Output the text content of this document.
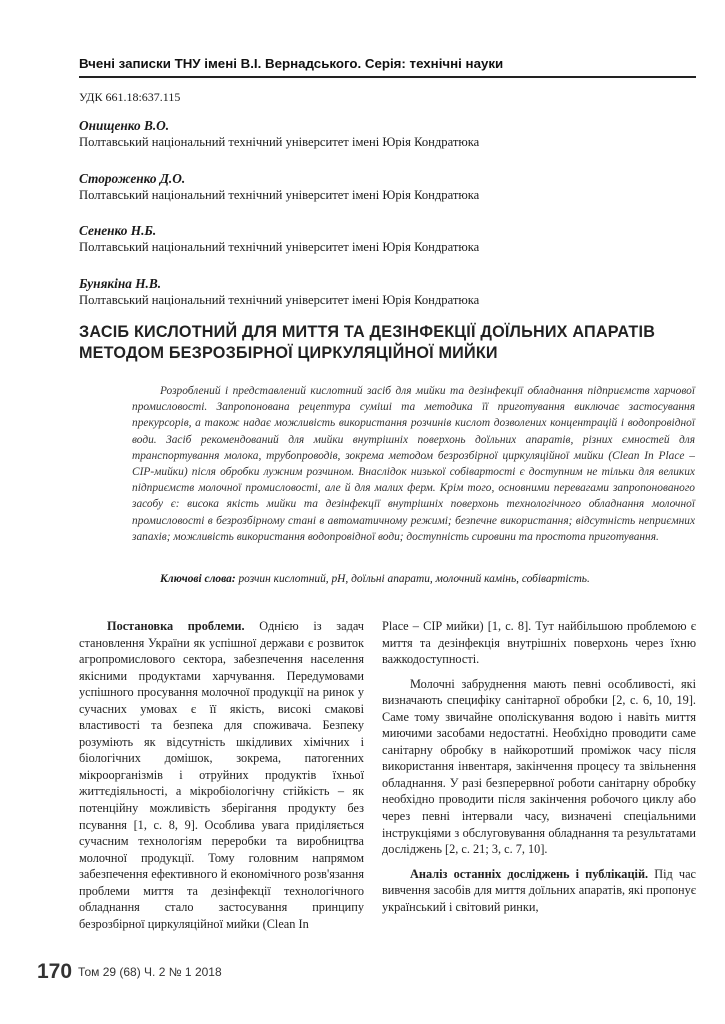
Вчені записки ТНУ імені В.І. Вернадського. Серія: технічні науки
УДК 661.18:637.115
Онищенко В.О.
Полтавський національний технічний університет імені Юрія Кондратюка
Стороженко Д.О.
Полтавський національний технічний університет імені Юрія Кондратюка
Сененко Н.Б.
Полтавський національний технічний університет імені Юрія Кондратюка
Бунякіна Н.В.
Полтавський національний технічний університет імені Юрія Кондратюка
ЗАСІБ КИСЛОТНИЙ ДЛЯ МИТТЯ ТА ДЕЗІНФЕКЦІЇ ДОЇЛЬНИХ АПАРАТІВ МЕТОДОМ БЕЗРОЗБІРНОЇ ЦИРКУЛЯЦІЙНОЇ МИЙКИ

Розроблений і представлений кислотний засіб для мийки та дезінфекції обладнання підприємств харчової промисловості. Запропонована рецептура суміші та методика її приготування виключає застосування прекурсорів, а також надає можливість використання розчинів кислот дозволених концентрацій і водопровідної води. Засіб рекомендований для мийки внутрішніх поверхонь доїльних апаратів, різних ємностей для транспортування молока, трубопроводів, зокрема методом безрозбірної циркуляційної мийки (Clean In Place – CIP-мийки) після обробки лужним розчином. Внаслідок низької собівартості є доступним не тільки для великих підприємств молочної промисловості, але й для малих ферм. Крім того, основними перевагами запропонованого засобу є: висока якість мийки та дезінфекції внутрішніх поверхонь технологічного обладнання молочної промисловості в безрозбірному стані в автоматичному режимі; безпечне використання; відсутність неприємних запахів; можливість використання водопровідної води; доступність сировини та простота приготування.

Ключові слова: розчин кислотний, рН, доїльні апарати, молочний камінь, собівартість.

Постановка проблеми. Однією із задач становлення України як успішної держави є розвиток агропромислового сектора, забезпечення населення якісними продуктами харчування. Передумовами успішного просування молочної продукції на ринок у сучасних умовах є її якість, високі смакові властивості та безпека для споживача. Безпеку розуміють як відсутність шкідливих хімічних і біологічних домішок, зокрема, патогенних мікроорганізмів і отруйних продуктів їхньої життєдіяльності, а мікробіологічну стійкість – як потенційну можливість зберігання продукту без псування [1, с. 8, 9]. Особлива увага приділяється сучасним технологіям переробки та виробництва молочної продукції. Тому головним напрямом забезпечення ефективного й економічного розв'язання проблеми миття та дезінфекції технологічного обладнання стало застосування принципу безрозбірної циркуляційної мийки (Clean In

Place – CIP мийки) [1, с. 8]. Тут найбільшою проблемою є миття та дезінфекція внутрішніх поверхонь через їхню важкодоступності.

Молочні забруднення мають певні особливості, які визначають специфіку санітарної обробки [2, с. 6, 10, 19]. Саме тому звичайне ополіскування водою і навіть миття миючими засобами недостатні. Необхідно проводити саме санітарну обробку в найкоротший проміжок часу після використання інвентаря, закінчення процесу та звільнення обладнання. У разі безперервної роботи санітарну обробку необхідно проводити після закінчення робочого циклу або через певні інтервали часу, визначені спеціальними інструкціями з обслуговування обладнання та результатами досліджень [2, с. 21; 3, с. 7, 10].

Аналіз останніх досліджень і публікацій. Під час вивчення засобів для миття доїльних апаратів, які пропонує український і світовий ринки,

170 Том 29 (68) Ч. 2 № 1 2018
